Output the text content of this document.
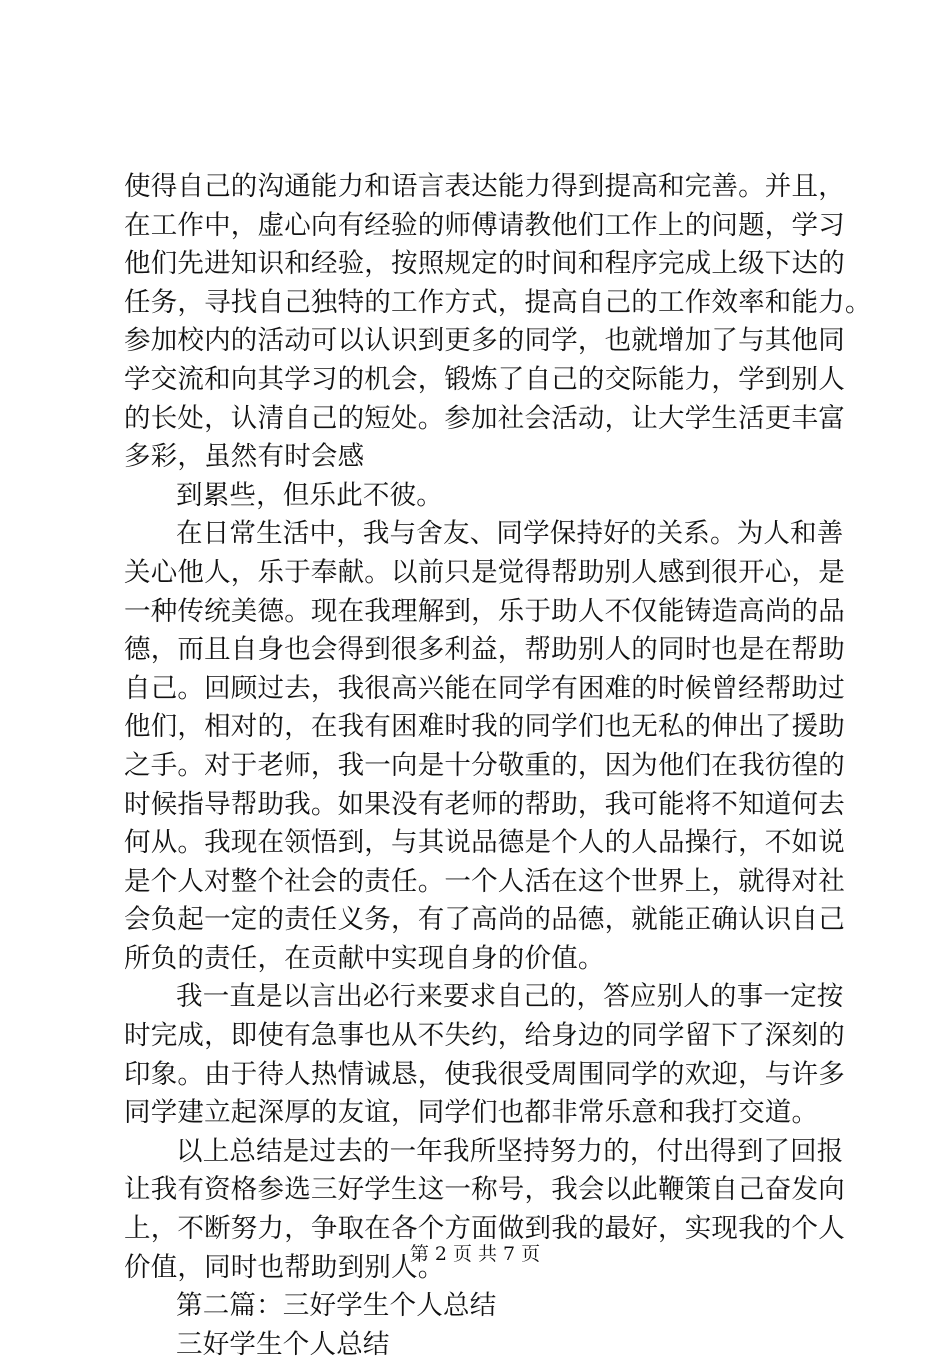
使得自己的沟通能力和语言表达能力得到提高和完善。并且，
在工作中，虚心向有经验的师傅请教他们工作上的问题，学习
他们先进知识和经验，按照规定的时间和程序完成上级下达的
任务，寻找自己独特的工作方式，提高自己的工作效率和能力。
参加校内的活动可以认识到更多的同学，也就增加了与其他同
学交流和向其学习的机会，锻炼了自己的交际能力，学到别人
的长处，认清自己的短处。参加社会活动，让大学生活更丰富
多彩，虽然有时会感
到累些，但乐此不彼。
在日常生活中，我与舍友、同学保持好的关系。为人和善
关心他人，乐于奉献。以前只是觉得帮助别人感到很开心，是
一种传统美德。现在我理解到，乐于助人不仅能铸造高尚的品
德，而且自身也会得到很多利益，帮助别人的同时也是在帮助
自己。回顾过去，我很高兴能在同学有困难的时候曾经帮助过
他们，相对的，在我有困难时我的同学们也无私的伸出了援助
之手。对于老师，我一向是十分敬重的，因为他们在我彷徨的
时候指导帮助我。如果没有老师的帮助，我可能将不知道何去
何从。我现在领悟到，与其说品德是个人的人品操行，不如说
是个人对整个社会的责任。一个人活在这个世界上，就得对社
会负起一定的责任义务，有了高尚的品德，就能正确认识自己
所负的责任，在贡献中实现自身的价值。
我一直是以言出必行来要求自己的，答应别人的事一定按
时完成，即使有急事也从不失约，给身边的同学留下了深刻的
印象。由于待人热情诚恳，使我很受周围同学的欢迎，与许多
同学建立起深厚的友谊，同学们也都非常乐意和我打交道。
以上总结是过去的一年我所坚持努力的，付出得到了回报
让我有资格参选三好学生这一称号，我会以此鞭策自己奋发向
上，不断努力，争取在各个方面做到我的最好，实现我的个人
价值，同时也帮助到别人。
第二篇：三好学生个人总结
三好学生个人总结
第 2 页 共 7 页
